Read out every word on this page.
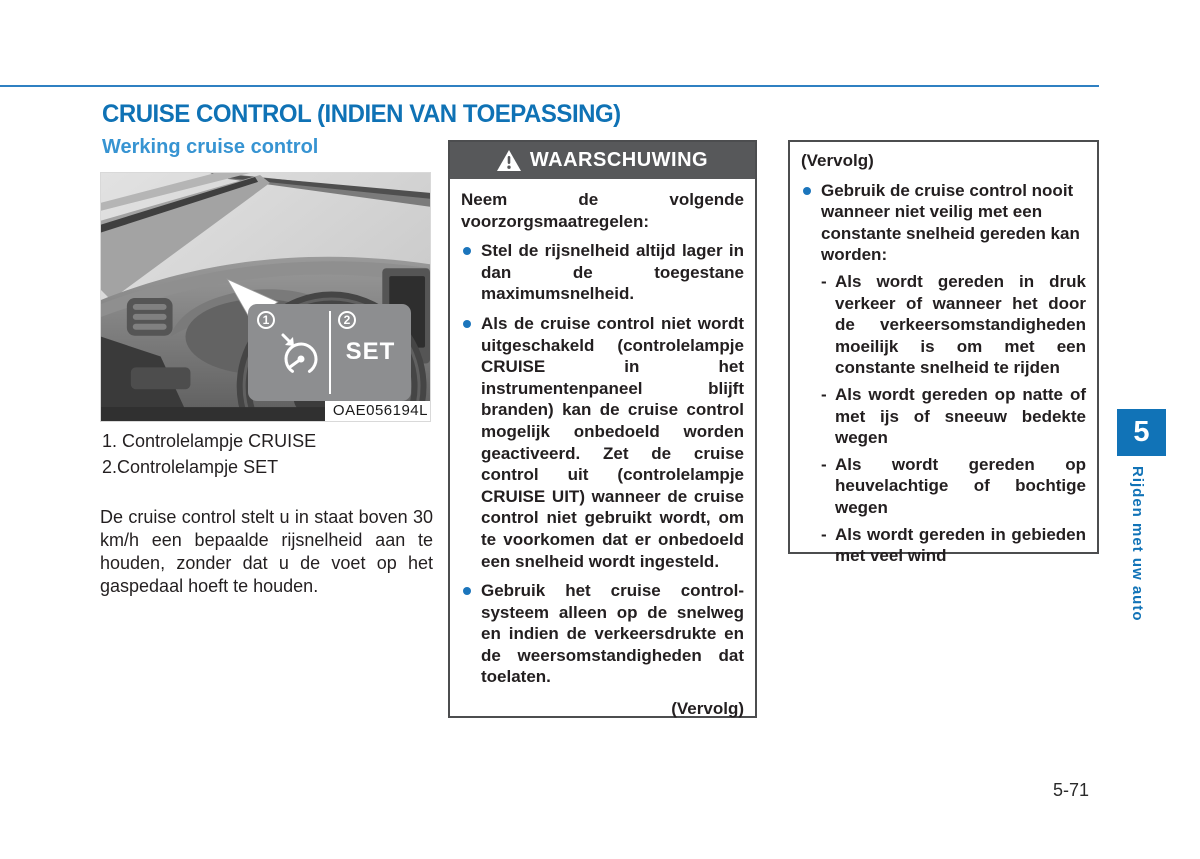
CRUISE CONTROL (INDIEN VAN TOEPASSING)
Werking cruise control
1	2
SET
OAE056194L
1. Controlelampje CRUISE
2.Controlelampje SET
De cruise control stelt u in staat boven 30 km/h een bepaalde rijsnelheid aan te houden, zonder dat u de voet op het gaspedaal hoeft te houden.
WAARSCHUWING
Neem de volgende voorzorgsmaatregelen:
Stel de rijsnelheid altijd lager in dan de toegestane maximumsnelheid.
Als de cruise control niet wordt uitgeschakeld (controlelampje CRUISE in het instrumentenpaneel blijft branden) kan de cruise control mogelijk onbedoeld worden geactiveerd. Zet de cruise control uit (controlelampje CRUISE UIT) wanneer de cruise control niet gebruikt wordt, om te voorkomen dat er onbedoeld een snelheid wordt ingesteld.
Gebruik het cruise control-systeem alleen op de snelweg en indien de verkeersdrukte en de weersomstandigheden dat toelaten.
(Vervolg)
(Vervolg)
Gebruik de cruise control nooit wanneer niet veilig met een constante snelheid gereden kan worden:
- Als wordt gereden in druk verkeer of wanneer het door de verkeersomstandigheden moeilijk is om met een constante snelheid te rijden
- Als wordt gereden op natte of met ijs of sneeuw bedekte wegen
- Als wordt gereden op heuvelachtige of bochtige wegen
- Als wordt gereden in gebieden met veel wind
5
Rijden met uw auto
5-71
